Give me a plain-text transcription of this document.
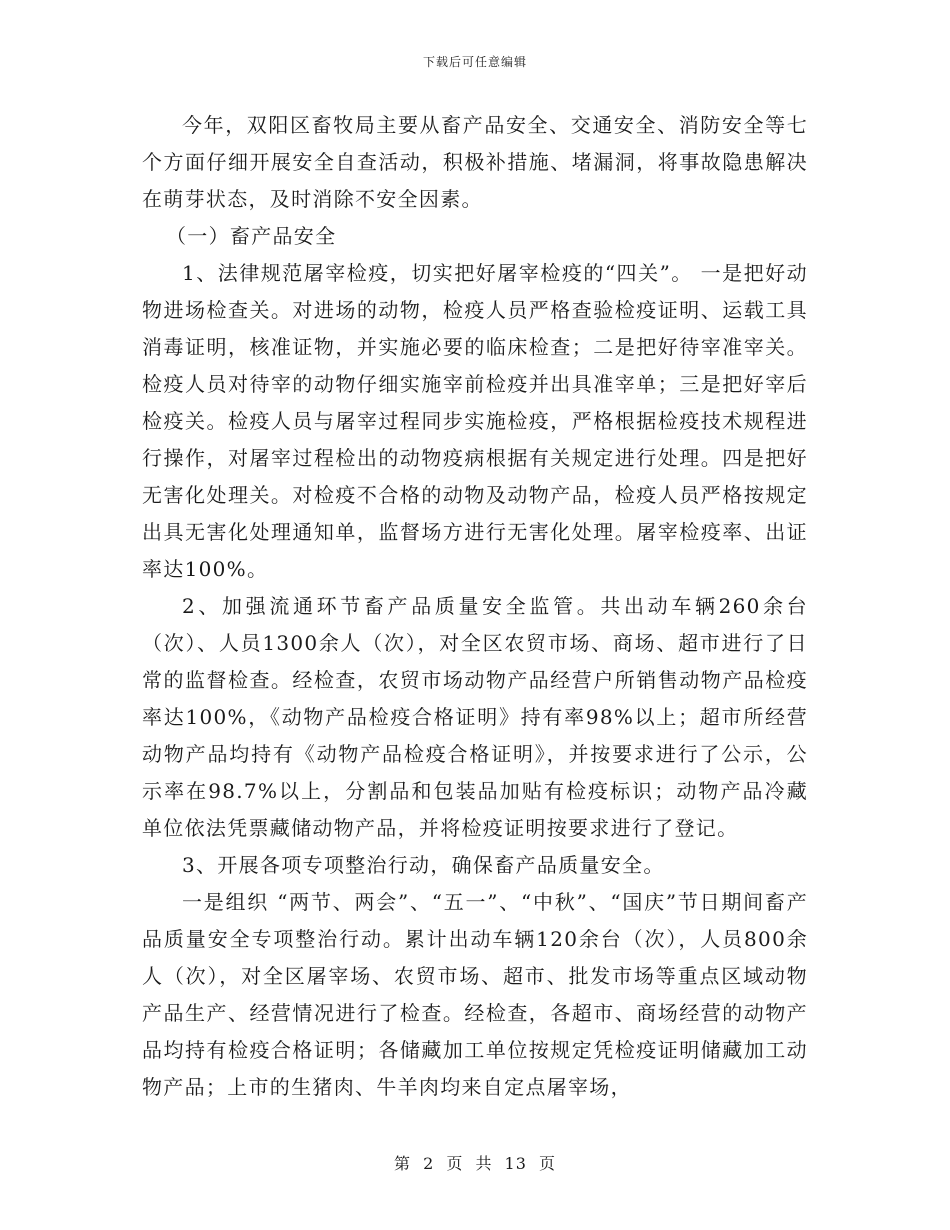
下载后可任意编辑

今年，双阳区畜牧局主要从畜产品安全、交通安全、消防安全等七个方面仔细开展安全自查活动，积极补措施、堵漏洞，将事故隐患解决在萌芽状态，及时消除不安全因素。

（一）畜产品安全

1、法律规范屠宰检疫，切实把好屠宰检疫的“四关”。 一是把好动物进场检查关。对进场的动物，检疫人员严格查验检疫证明、运载工具消毒证明，核准证物，并实施必要的临床检查；二是把好待宰准宰关。检疫人员对待宰的动物仔细实施宰前检疫并出具准宰单；三是把好宰后检疫关。检疫人员与屠宰过程同步实施检疫，严格根据检疫技术规程进行操作，对屠宰过程检出的动物疫病根据有关规定进行处理。四是把好无害化处理关。对检疫不合格的动物及动物产品，检疫人员严格按规定出具无害化处理通知单，监督场方进行无害化处理。屠宰检疫率、出证率达100%。

2、加强流通环节畜产品质量安全监管。共出动车辆260余台（次）、人员1300余人（次），对全区农贸市场、商场、超市进行了日常的监督检查。经检查，农贸市场动物产品经营户所销售动物产品检疫率达100%，《动物产品检疫合格证明》持有率98%以上；超市所经营动物产品均持有《动物产品检疫合格证明》，并按要求进行了公示，公示率在98.7%以上，分割品和包装品加贴有检疫标识；动物产品冷藏单位依法凭票藏储动物产品，并将检疫证明按要求进行了登记。

3、开展各项专项整治行动，确保畜产品质量安全。

一是组织 “两节、两会”、“五一”、“中秋”、“国庆”节日期间畜产品质量安全专项整治行动。累计出动车辆120余台（次），人员800余人（次），对全区屠宰场、农贸市场、超市、批发市场等重点区域动物产品生产、经营情况进行了检查。经检查，各超市、商场经营的动物产品均持有检疫合格证明；各储藏加工单位按规定凭检疫证明储藏加工动物产品；上市的生猪肉、牛羊肉均来自定点屠宰场，

第 2 页 共 13 页
